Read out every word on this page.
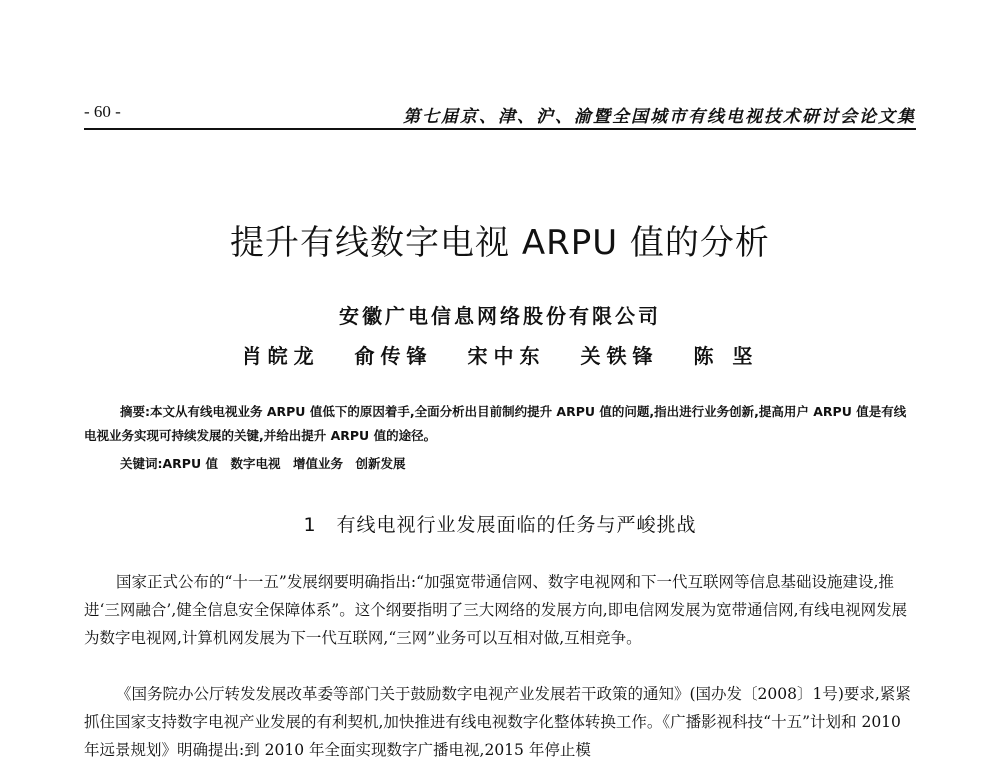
- 60 -	第七届京、津、沪、渝暨全国城市有线电视技术研讨会论文集
提升有线数字电视 ARPU 值的分析
安徽广电信息网络股份有限公司
肖皖龙 俞传锋 宋中东 关铁锋 陈 坚
摘要:本文从有线电视业务 ARPU 值低下的原因着手,全面分析出目前制约提升 ARPU 值的问题,指出进行业务创新,提高用户 ARPU 值是有线电视业务实现可持续发展的关键,并给出提升 ARPU 值的途径。
关键词:ARPU 值　数字电视　增值业务　创新发展
1　有线电视行业发展面临的任务与严峻挑战
国家正式公布的“十一五”发展纲要明确指出:“加强宽带通信网、数字电视网和下一代互联网等信息基础设施建设,推进‘三网融合’,健全信息安全保障体系”。这个纲要指明了三大网络的发展方向,即电信网发展为宽带通信网,有线电视网发展为数字电视网,计算机网发展为下一代互联网,“三网”业务可以互相对做,互相竞争。
《国务院办公厅转发发展改革委等部门关于鼓励数字电视产业发展若干政策的通知》(国办发〔2008〕1号)要求,紧紧抓住国家支持数字电视产业发展的有利契机,加快推进有线电视数字化整体转换工作。《广播影视科技“十五”计划和 2010 年远景规划》明确提出:到 2010 年全面实现数字广播电视,2015 年停止模
